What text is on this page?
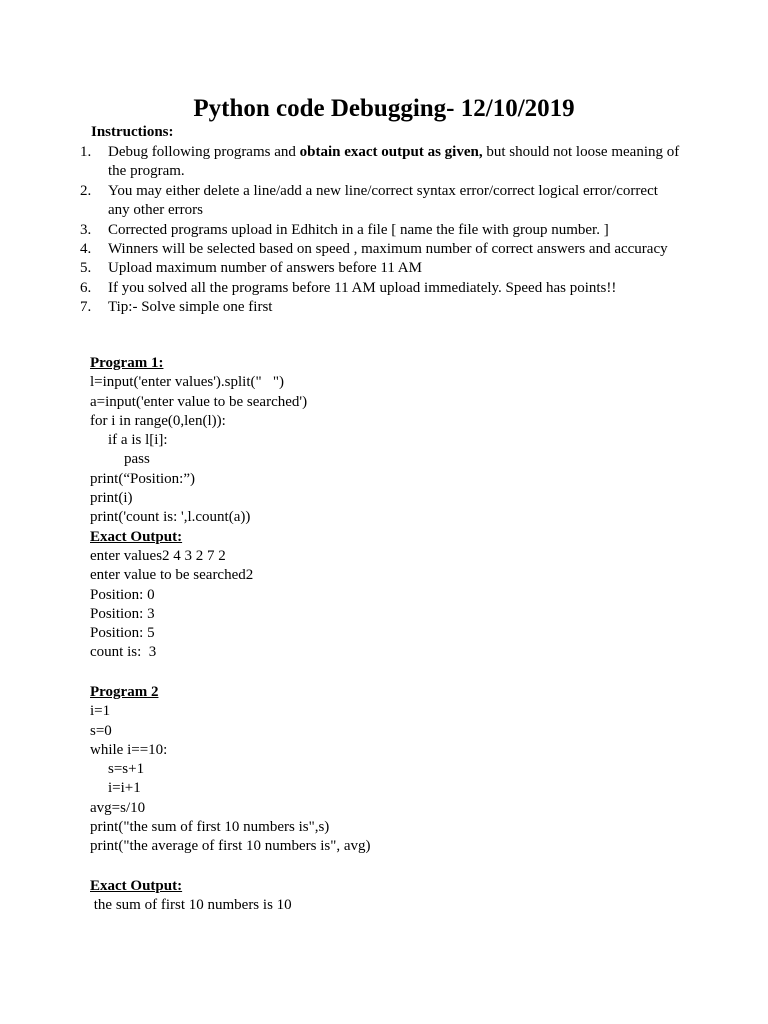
Python code Debugging- 12/10/2019
Instructions:
1. Debug following programs and obtain exact output as given, but should not loose meaning of the program.
2. You may either delete a line/add a new line/correct syntax error/correct logical error/correct any other errors
3. Corrected programs upload in Edhitch in a file [ name the file with group number. ]
4. Winners will be selected based on speed , maximum number of correct answers and accuracy
5. Upload maximum number of answers before 11 AM
6. If you solved all the programs before 11 AM upload immediately. Speed has points!!
7. Tip:- Solve simple one first
Program 1:
l=input('enter values').split("   ")
a=input('enter value to be searched')
for i in range(0,len(l)):
if a is l[i]:
pass
print(“Position:”)
print(i)
print('count is: ',l.count(a))
Exact Output:
enter values2 4 3 2 7 2
enter value to be searched2
Position: 0
Position: 3
Position: 5
count is:  3
Program 2
i=1
s=0
while i==10:
s=s+1
i=i+1
avg=s/10
print("the sum of first 10 numbers is",s)
print("the average of first 10 numbers is", avg)
Exact Output:
the sum of first 10 numbers is 10
